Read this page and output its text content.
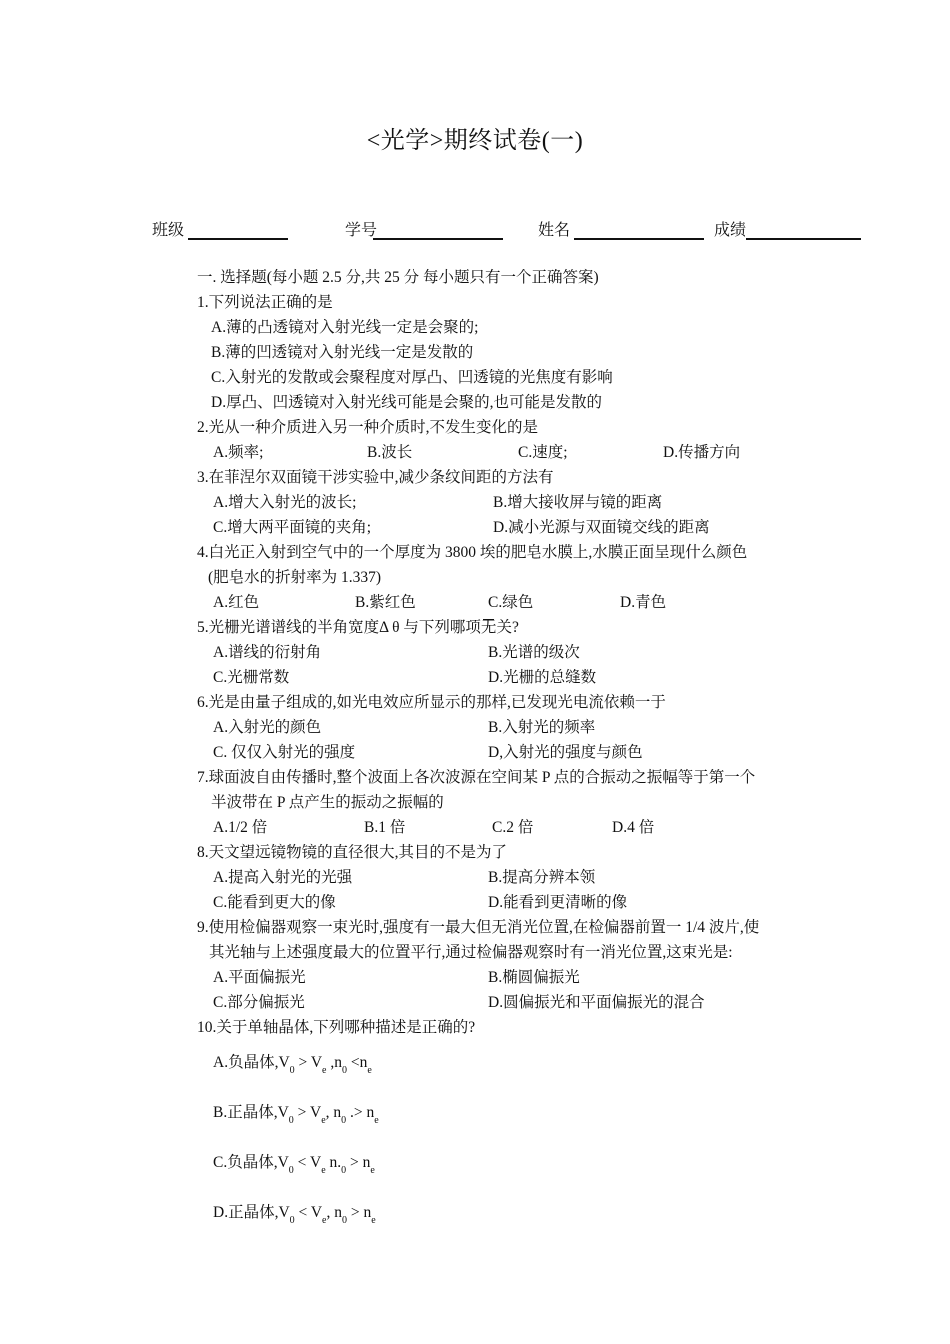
<光学>期终试卷(一)
班级	学号	姓名	成绩
一. 选择题(每小题 2.5 分,共 25 分 每小题只有一个正确答案)
1.下列说法正确的是
A.薄的凸透镜对入射光线一定是会聚的;
B.薄的凹透镜对入射光线一定是发散的
C.入射光的发散或会聚程度对厚凸、凹透镜的光焦度有影响
D.厚凸、凹透镜对入射光线可能是会聚的,也可能是发散的
2.光从一种介质进入另一种介质时,不发生变化的是
A.频率;	B.波长	C.速度;	D.传播方向
3.在菲涅尔双面镜干涉实验中,减少条纹间距的方法有
A.增大入射光的波长;	B.增大接收屏与镜的距离
C.增大两平面镜的夹角;	D.减小光源与双面镜交线的距离
4.白光正入射到空气中的一个厚度为 3800 埃的肥皂水膜上,水膜正面呈现什么颜色
(肥皂水的折射率为 1.337)
A.红色	B.紫红色	C.绿色	D.青色
5.光栅光谱谱线的半角宽度Δ θ 与下列哪项无关?
A.谱线的衍射角	B.光谱的级次
C.光栅常数	D.光栅的总缝数
6.光是由量子组成的,如光电效应所显示的那样,已发现光电流依赖一于
A.入射光的颜色	B.入射光的频率
C. 仅仅入射光的强度	D,入射光的强度与颜色
7.球面波自由传播时,整个波面上各次波源在空间某 P 点的合振动之振幅等于第一个
半波带在 P 点产生的振动之振幅的
A.1/2 倍	B.1 倍	C.2 倍	D.4 倍
8.天文望远镜物镜的直径很大,其目的不是为了
A.提高入射光的光强	B.提高分辨本领
C.能看到更大的像	D.能看到更清晰的像
9.使用检偏器观察一束光时,强度有一最大但无消光位置,在检偏器前置一 1/4 波片,使
其光轴与上述强度最大的位置平行,通过检偏器观察时有一消光位置,这束光是:
A.平面偏振光	B.椭圆偏振光
C.部分偏振光	D.圆偏振光和平面偏振光的混合
10.关于单轴晶体,下列哪种描述是正确的?
A.负晶体$,V_0 > V_e$ $,n_0 <n_e$
B.正晶体$,V_0 > V_e$, $n_0$ .> $n_e$
C.负晶体$,V_0 < V_e$ $n._0 > n_e$
D.正晶体$,V_0 < V_e$, $n_0 > n_e$
